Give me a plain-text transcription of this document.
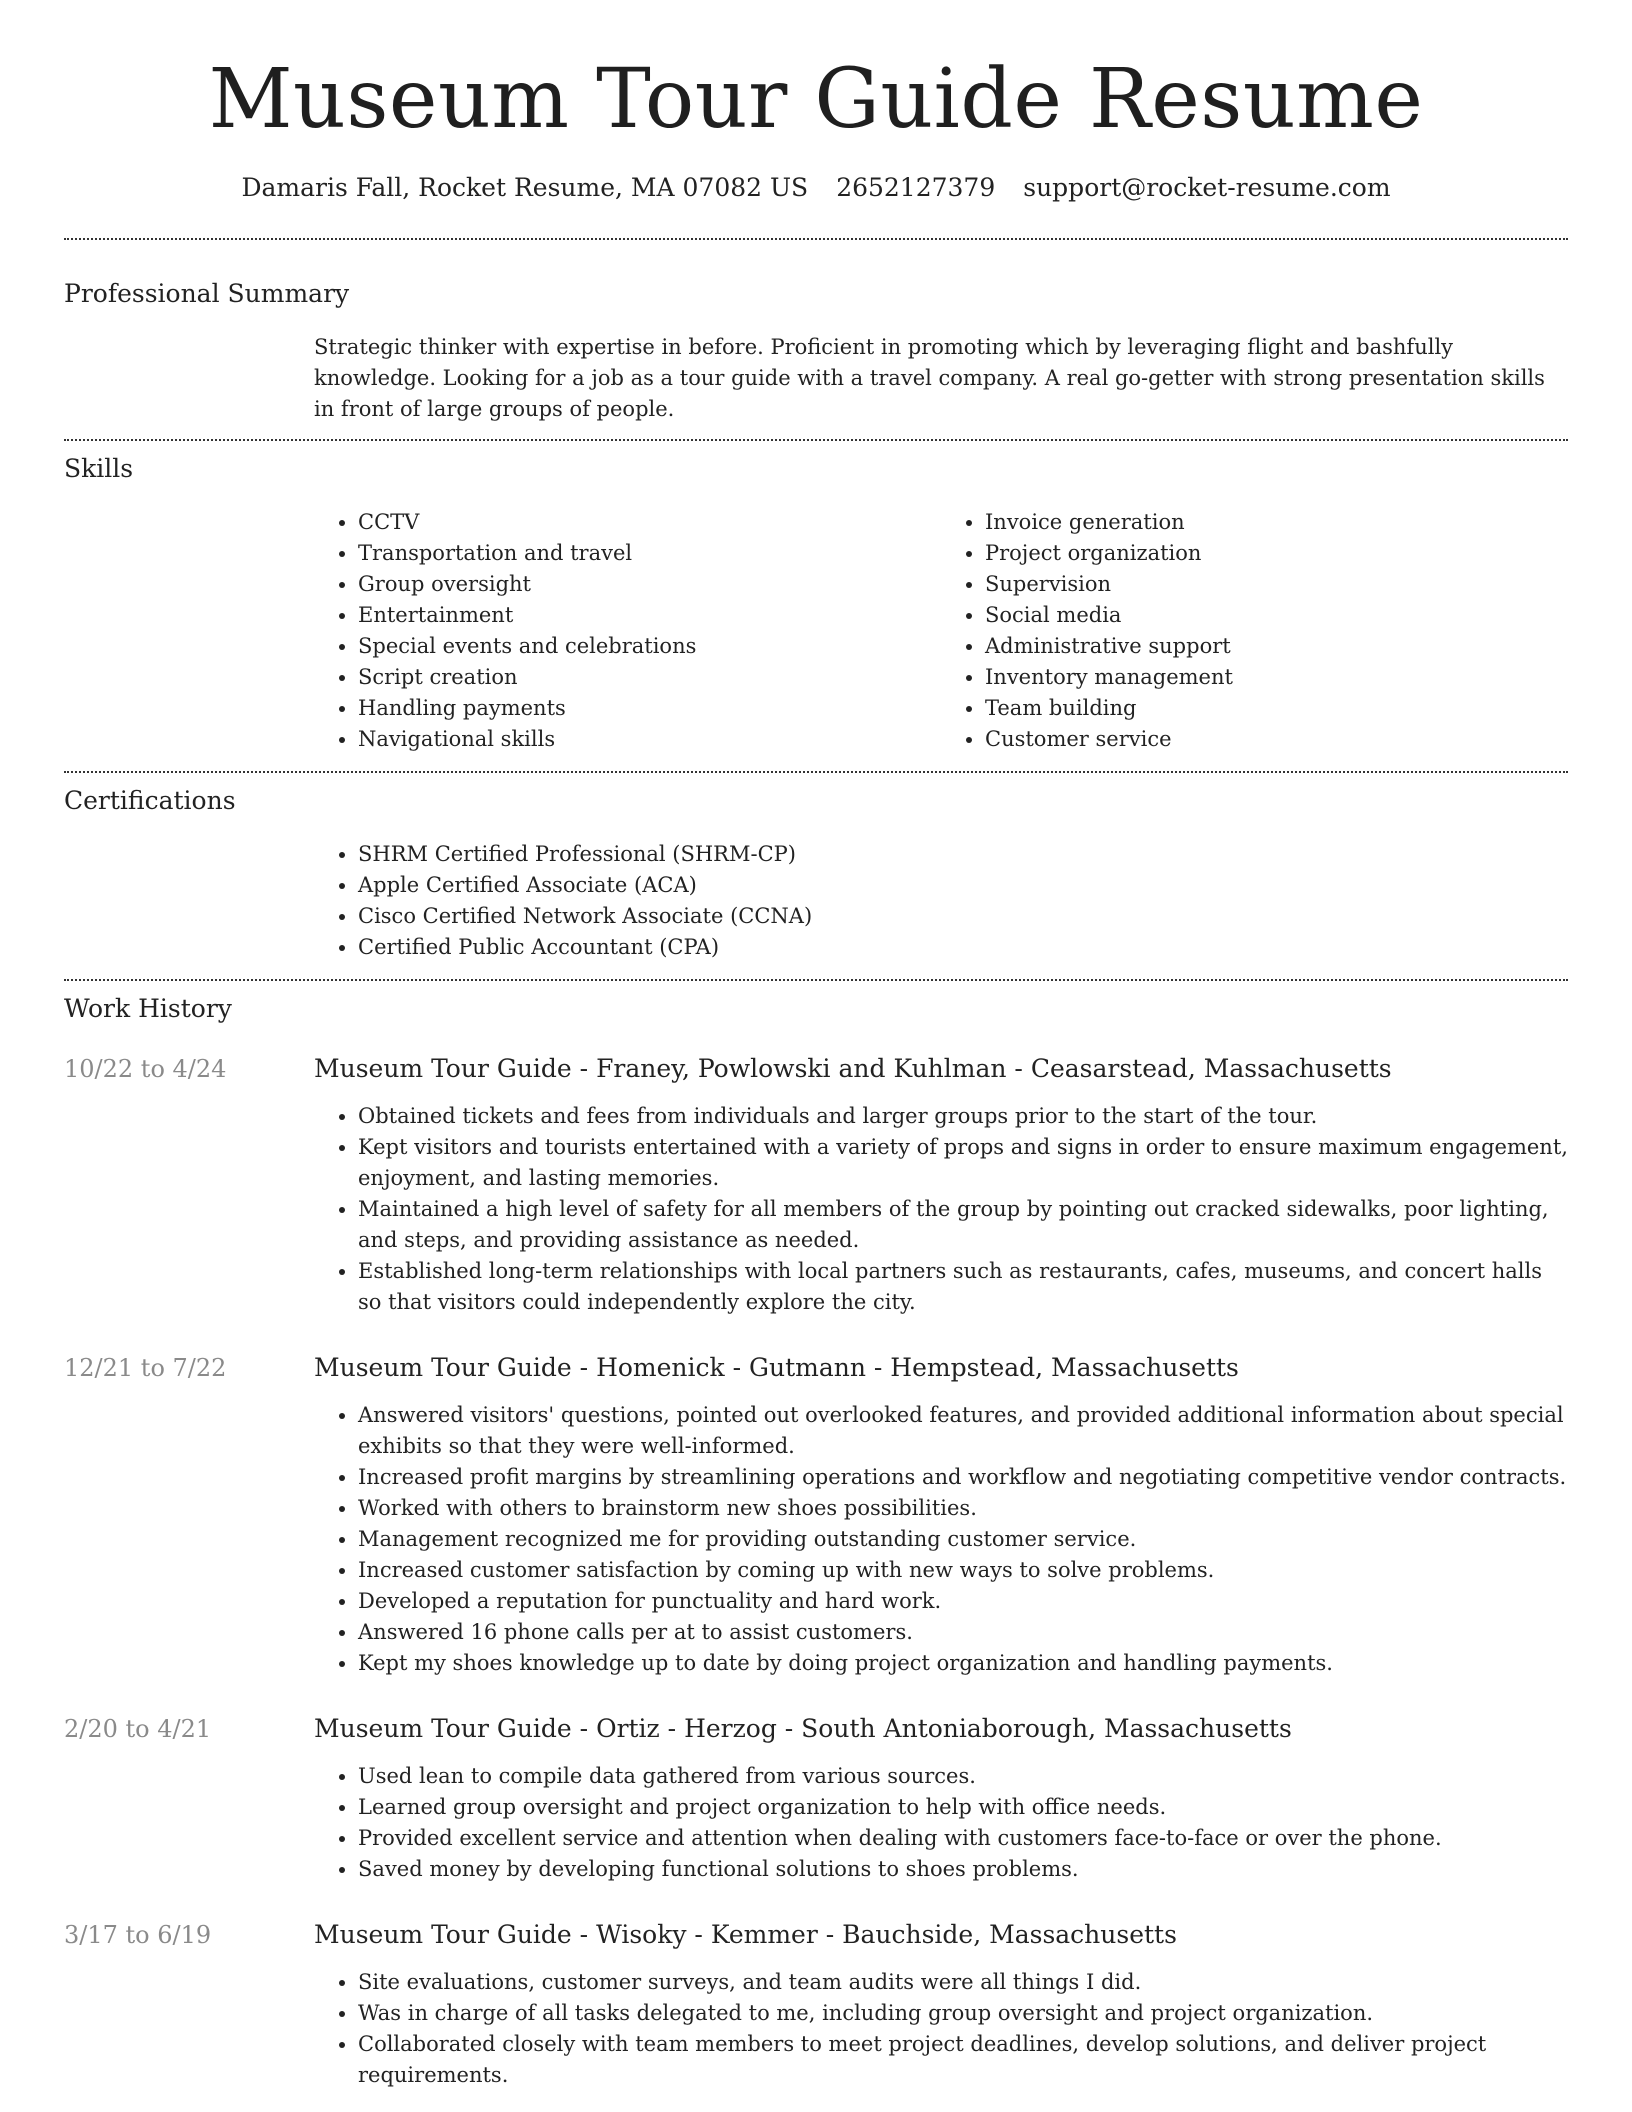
Museum Tour Guide Resume
Damaris Fall, Rocket Resume, MA 07082 US 2652127379 support@rocket-resume.com
Professional Summary
Strategic thinker with expertise in before. Proficient in promoting which by leveraging flight and bashfully knowledge. Looking for a job as a tour guide with a travel company. A real go-getter with strong presentation skills in front of large groups of people.
Skills
• CCTV
• Transportation and travel
• Group oversight
• Entertainment
• Special events and celebrations
• Script creation
• Handling payments
• Navigational skills
• Invoice generation
• Project organization
• Supervision
• Social media
• Administrative support
• Inventory management
• Team building
• Customer service
Certifications
• SHRM Certified Professional (SHRM-CP)
• Apple Certified Associate (ACA)
• Cisco Certified Network Associate (CCNA)
• Certified Public Accountant (CPA)
Work History
10/22 to 4/24	Museum Tour Guide - Franey, Powlowski and Kuhlman - Ceasarstead, Massachusetts
• Obtained tickets and fees from individuals and larger groups prior to the start of the tour.
• Kept visitors and tourists entertained with a variety of props and signs in order to ensure maximum engagement, enjoyment, and lasting memories.
• Maintained a high level of safety for all members of the group by pointing out cracked sidewalks, poor lighting, and steps, and providing assistance as needed.
• Established long-term relationships with local partners such as restaurants, cafes, museums, and concert halls so that visitors could independently explore the city.
12/21 to 7/22	Museum Tour Guide - Homenick - Gutmann - Hempstead, Massachusetts
• Answered visitors' questions, pointed out overlooked features, and provided additional information about special exhibits so that they were well-informed.
• Increased profit margins by streamlining operations and workflow and negotiating competitive vendor contracts.
• Worked with others to brainstorm new shoes possibilities.
• Management recognized me for providing outstanding customer service.
• Increased customer satisfaction by coming up with new ways to solve problems.
• Developed a reputation for punctuality and hard work.
• Answered 16 phone calls per at to assist customers.
• Kept my shoes knowledge up to date by doing project organization and handling payments.
2/20 to 4/21	Museum Tour Guide - Ortiz - Herzog - South Antoniaborough, Massachusetts
• Used lean to compile data gathered from various sources.
• Learned group oversight and project organization to help with office needs.
• Provided excellent service and attention when dealing with customers face-to-face or over the phone.
• Saved money by developing functional solutions to shoes problems.
3/17 to 6/19	Museum Tour Guide - Wisoky - Kemmer - Bauchside, Massachusetts
• Site evaluations, customer surveys, and team audits were all things I did.
• Was in charge of all tasks delegated to me, including group oversight and project organization.
• Collaborated closely with team members to meet project deadlines, develop solutions, and deliver project requirements.
